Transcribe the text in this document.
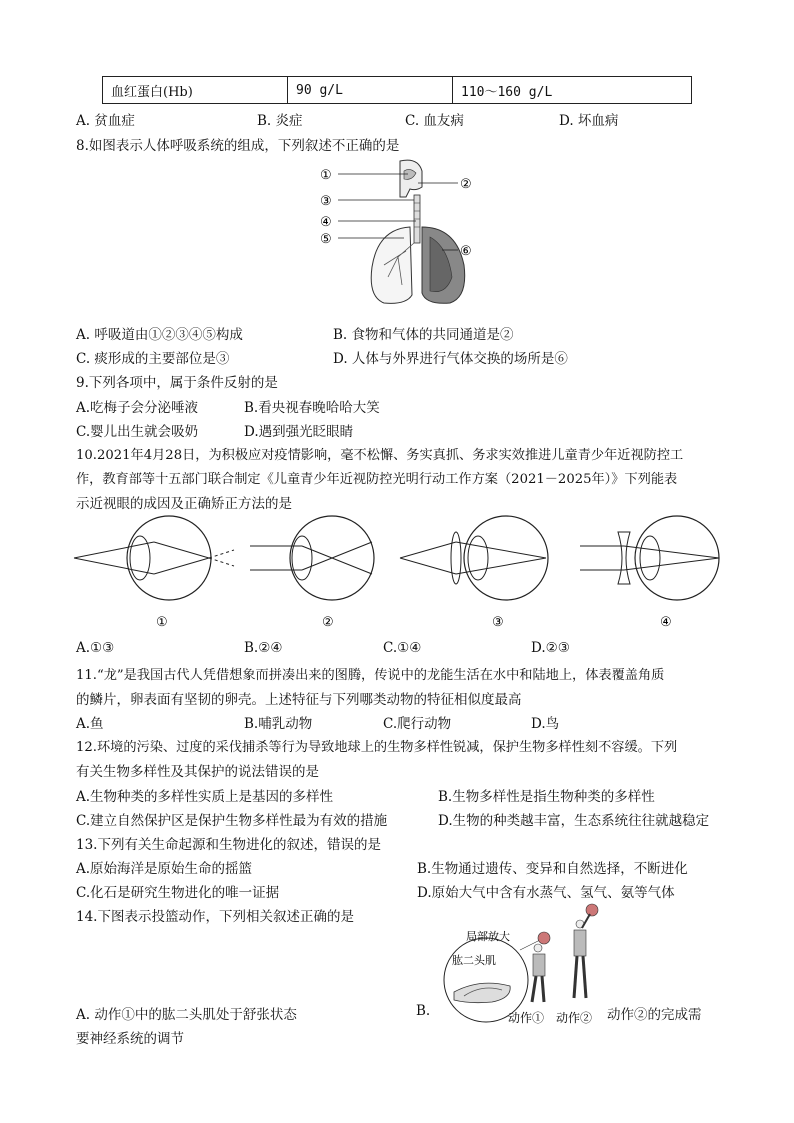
血红蛋白(Hb)	90 g/L	110～160 g/L
A. 贫血症	B. 炎症	C. 血友病	D. 坏血病
8.如图表示人体呼吸系统的组成，下列叙述不正确的是
①
②
③
④
⑤
⑥
A. 呼吸道由①②③④⑤构成	B. 食物和气体的共同通道是②
C. 痰形成的主要部位是③	D. 人体与外界进行气体交换的场所是⑥
9.下列各项中，属于条件反射的是
A.吃梅子会分泌唾液	B.看央视春晚哈哈大笑
C.婴儿出生就会吸奶	D.遇到强光眨眼睛
10.2021年4月28日，为积极应对疫情影响，毫不松懈、务实真抓、务求实效推进儿童青少年近视防控工
作，教育部等十五部门联合制定《儿童青少年近视防控光明行动工作方案（2021－2025年）》下列能表
示近视眼的成因及正确矫正方法的是
①	②	③	④
A.①③	B.②④	C.①④	D.②③
11.“龙”是我国古代人凭借想象而拼凑出来的图腾，传说中的龙能生活在水中和陆地上，体表覆盖角质
的鳞片，卵表面有坚韧的卵壳。上述特征与下列哪类动物的特征相似度最高
A.鱼	B.哺乳动物	C.爬行动物	D.鸟
12.环境的污染、过度的采伐捕杀等行为导致地球上的生物多样性锐减，保护生物多样性刻不容缓。下列
有关生物多样性及其保护的说法错误的是
A.生物种类的多样性实质上是基因的多样性	B.生物多样性是指生物种类的多样性
C.建立自然保护区是保护生物多样性最为有效的措施	D.生物的种类越丰富，生态系统往往就越稳定
13.下列有关生命起源和生物进化的叙述，错误的是
A.原始海洋是原始生命的摇篮	B.生物通过遗传、变异和自然选择，不断进化
C.化石是研究生物进化的唯一证据	D.原始大气中含有水蒸气、氢气、氨等气体
14.下图表示投篮动作，下列相关叙述正确的是
局部放大
肱二头肌
动作① 动作②
A. 动作①中的肱二头肌处于舒张状态	B.	动作②的完成需
要神经系统的调节
